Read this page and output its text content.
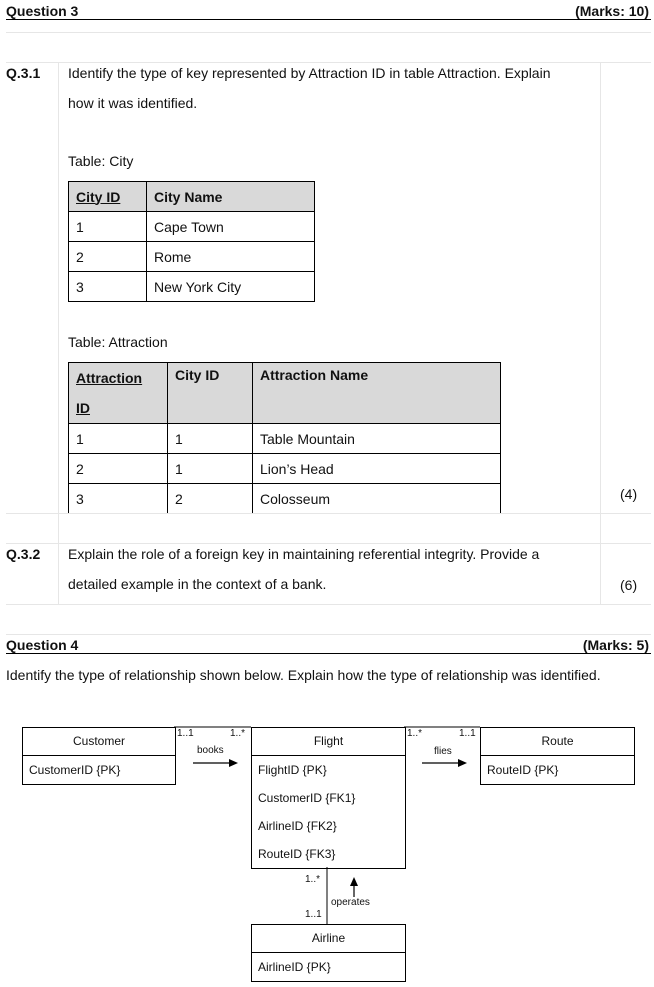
Question 3	(Marks: 10)
Q.3.1 Identify the type of key represented by Attraction ID in table Attraction. Explain
how it was identified.
Table: City
City ID	City Name
1	Cape Town
2	Rome
3	New York City
Table: Attraction
Attraction
ID	City ID	Attraction Name
1	1	Table Mountain
2	1	Lion’s Head
3	2	Colosseum	(4)
Q.3.2 Explain the role of a foreign key in maintaining referential integrity. Provide a
detailed example in the context of a bank.	(6)
Question 4	(Marks: 5)
Identify the type of relationship shown below. Explain how the type of relationship was identified.
Customer
CustomerID {PK}
Flight
FlightID {PK}
CustomerID {FK1}
AirlineID {FK2}
RouteID {FK3}
Route
RouteID {PK}
Airline
AirlineID {PK}
1..1	1..*
books
1..*	1..1
flies
1..*
1..1
operates
